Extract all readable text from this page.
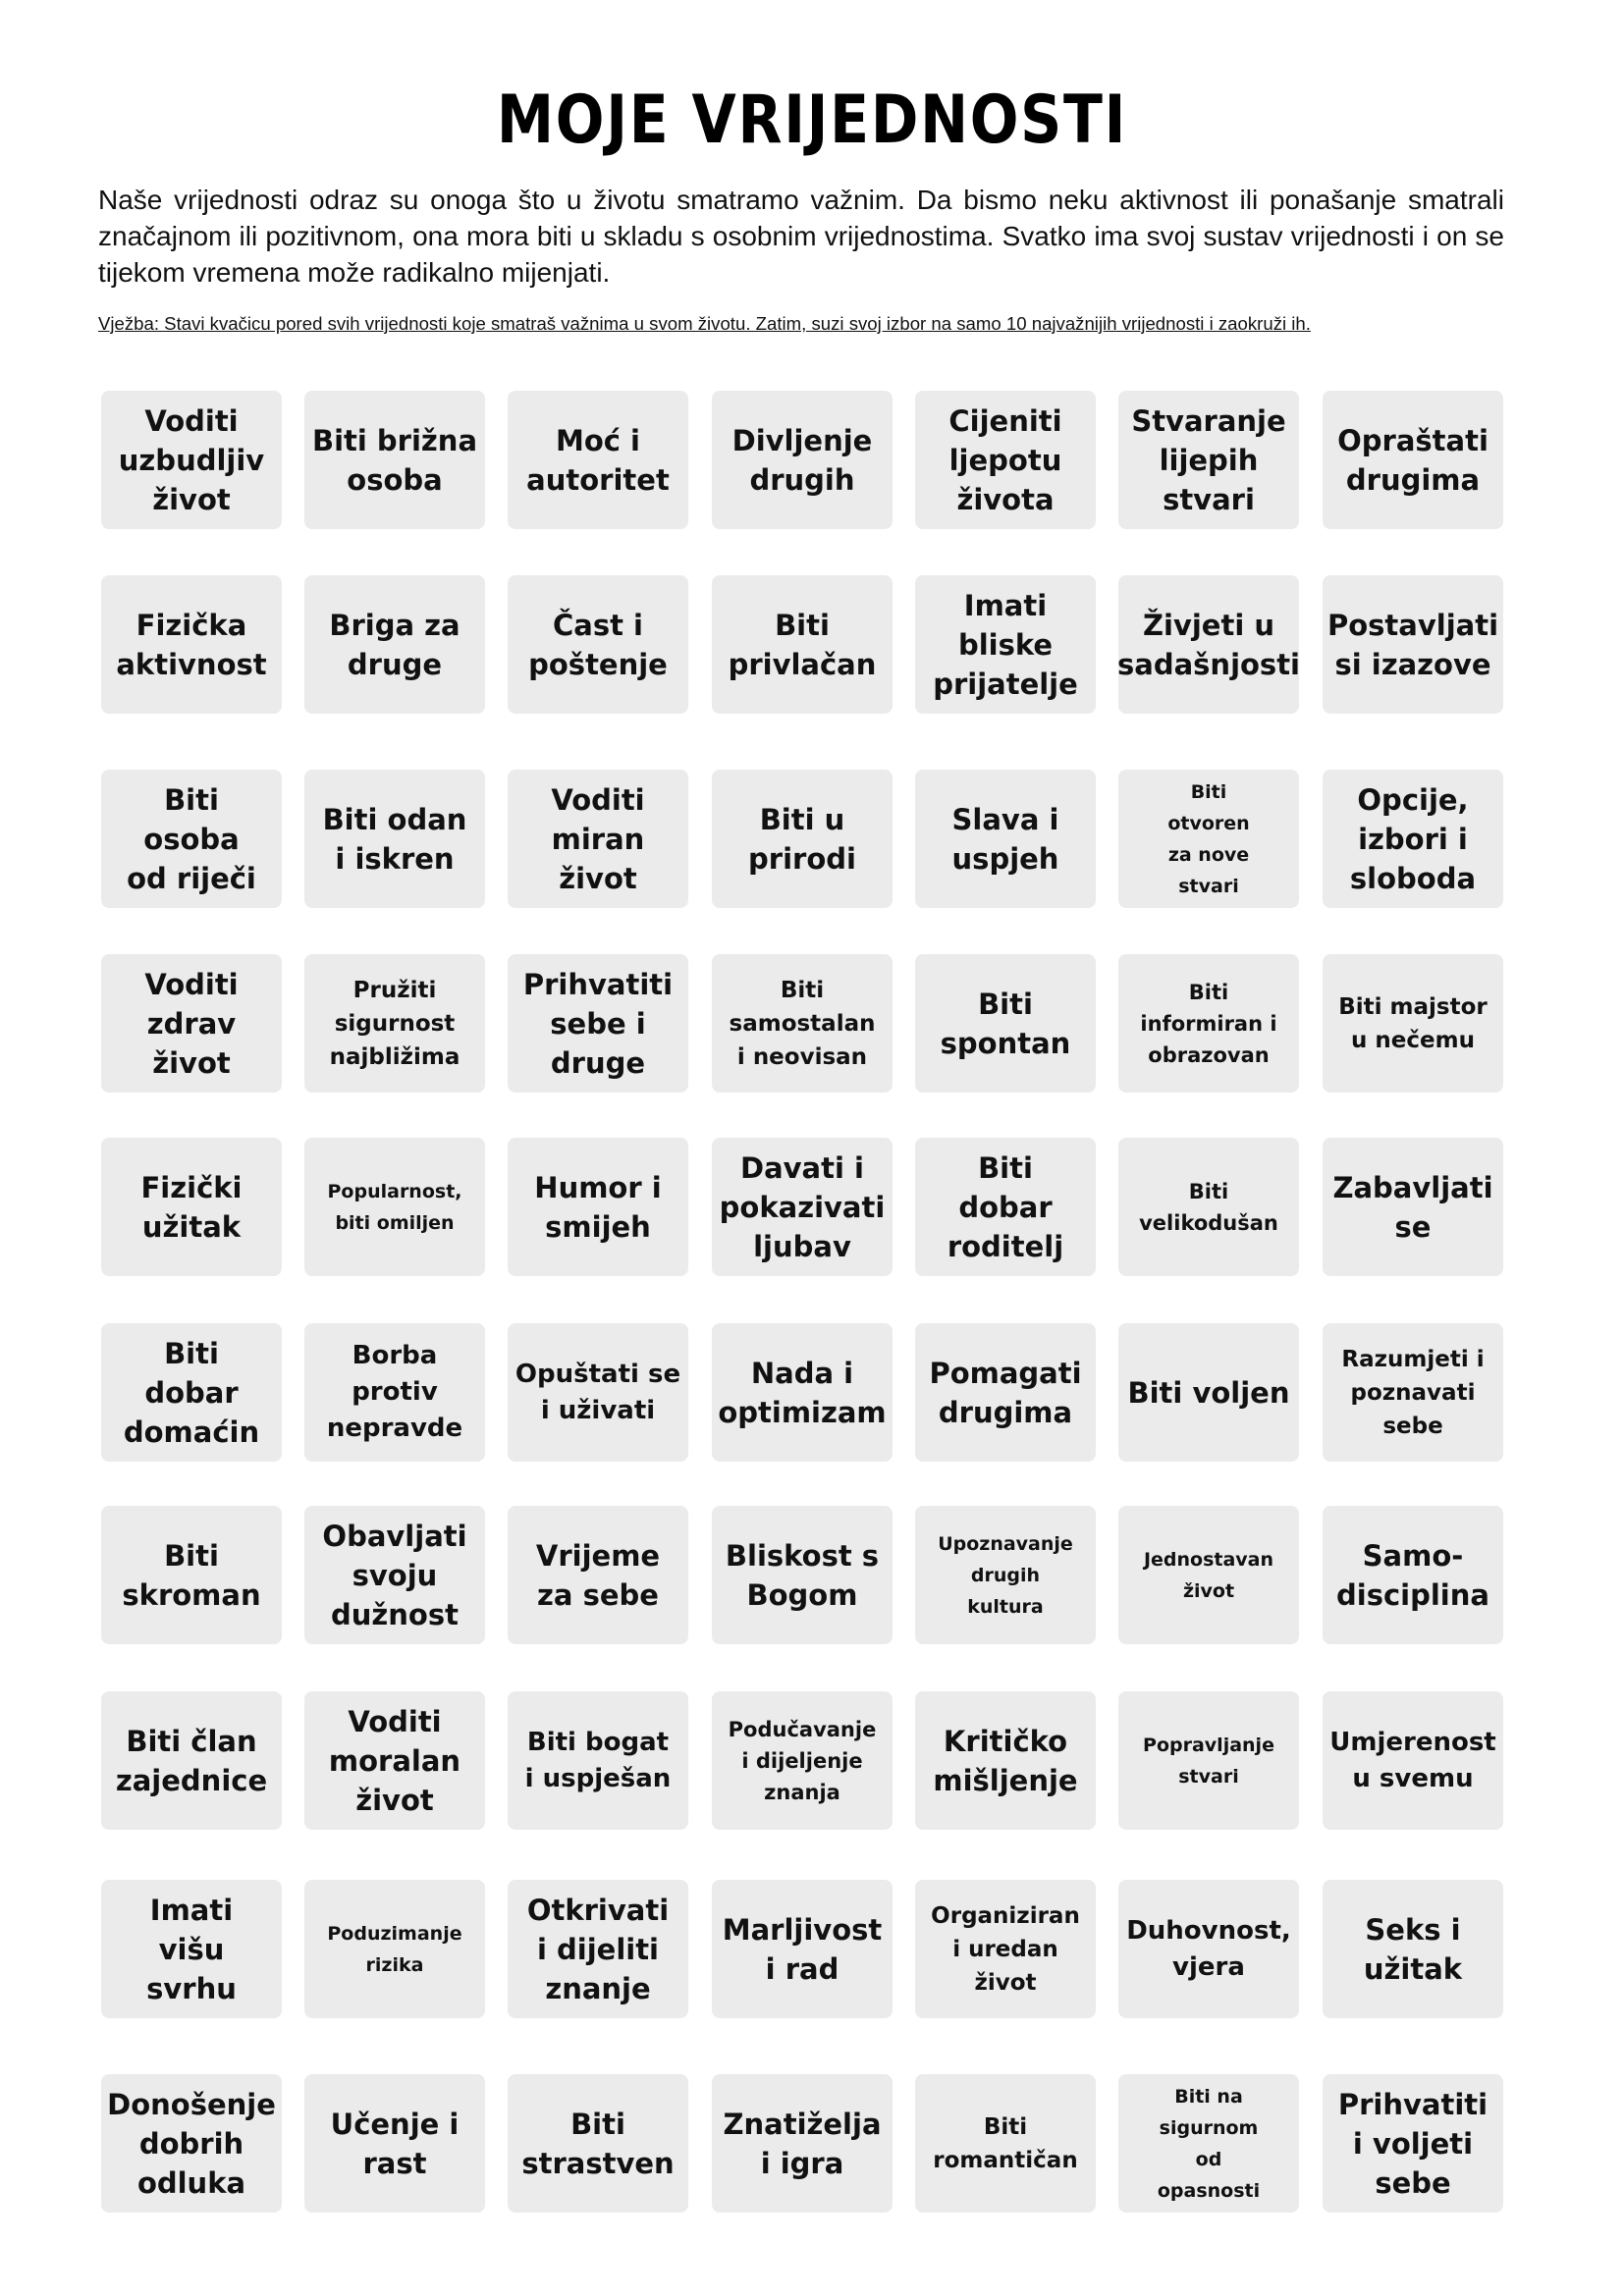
MOJE VRIJEDNOSTI
Naše vrijednosti odraz su onoga što u životu smatramo važnim. Da bismo neku aktivnost ili ponašanje smatrali značajnom ili pozitivnom, ona mora biti u skladu s osobnim vrijednostima. Svatko ima svoj sustav vrijednosti i on se tijekom vremena može radikalno mijenjati.
Vježba: Stavi kvačicu pored svih vrijednosti koje smatraš važnima u svom životu. Zatim, suzi svoj izbor na samo 10 najvažnijih vrijednosti i zaokruži ih.
Voditi
uzbudljiv
život
Biti brižna
osoba
Moć i
autoritet
Divljenje
drugih
Cijeniti
ljepotu
života
Stvaranje
lijepih
stvari
Opraštati
drugima
Fizička
aktivnost
Briga za
druge
Čast i
poštenje
Biti
privlačan
Imati
bliske
prijatelje
Živjeti u
sadašnjosti
Postavljati
si izazove
Biti
osoba
od riječi
Biti odan
i iskren
Voditi
miran
život
Biti u
prirodi
Slava i
uspjeh
Biti
otvoren
za nove
stvari
Opcije,
izbori i
sloboda
Voditi
zdrav
život
Pružiti
sigurnost
najbližima
Prihvatiti
sebe i
druge
Biti
samostalan
i neovisan
Biti
spontan
Biti
informiran i
obrazovan
Biti majstor
u nečemu
Fizički
užitak
Popularnost,
biti omiljen
Humor i
smijeh
Davati i
pokazivati
ljubav
Biti
dobar
roditelj
Biti
velikodušan
Zabavljati
se
Biti
dobar
domaćin
Borba
protiv
nepravde
Opuštati se
i uživati
Nada i
optimizam
Pomagati
drugima
Biti voljen
Razumjeti i
poznavati
sebe
Biti
skroman
Obavljati
svoju
dužnost
Vrijeme
za sebe
Bliskost s
Bogom
Upoznavanje
drugih
kultura
Jednostavan
život
Samo-
disciplina
Biti član
zajednice
Voditi
moralan
život
Biti bogat
i uspješan
Podučavanje
i dijeljenje
znanja
Kritičko
mišljenje
Popravljanje
stvari
Umjerenost
u svemu
Imati
višu
svrhu
Poduzimanje
rizika
Otkrivati
i dijeliti
znanje
Marljivost
i rad
Organiziran
i uredan
život
Duhovnost,
vjera
Seks i
užitak
Donošenje
dobrih
odluka
Učenje i
rast
Biti
strastven
Znatiželja
i igra
Biti
romantičan
Biti na
sigurnom
od
opasnosti
Prihvatiti
i voljeti
sebe
